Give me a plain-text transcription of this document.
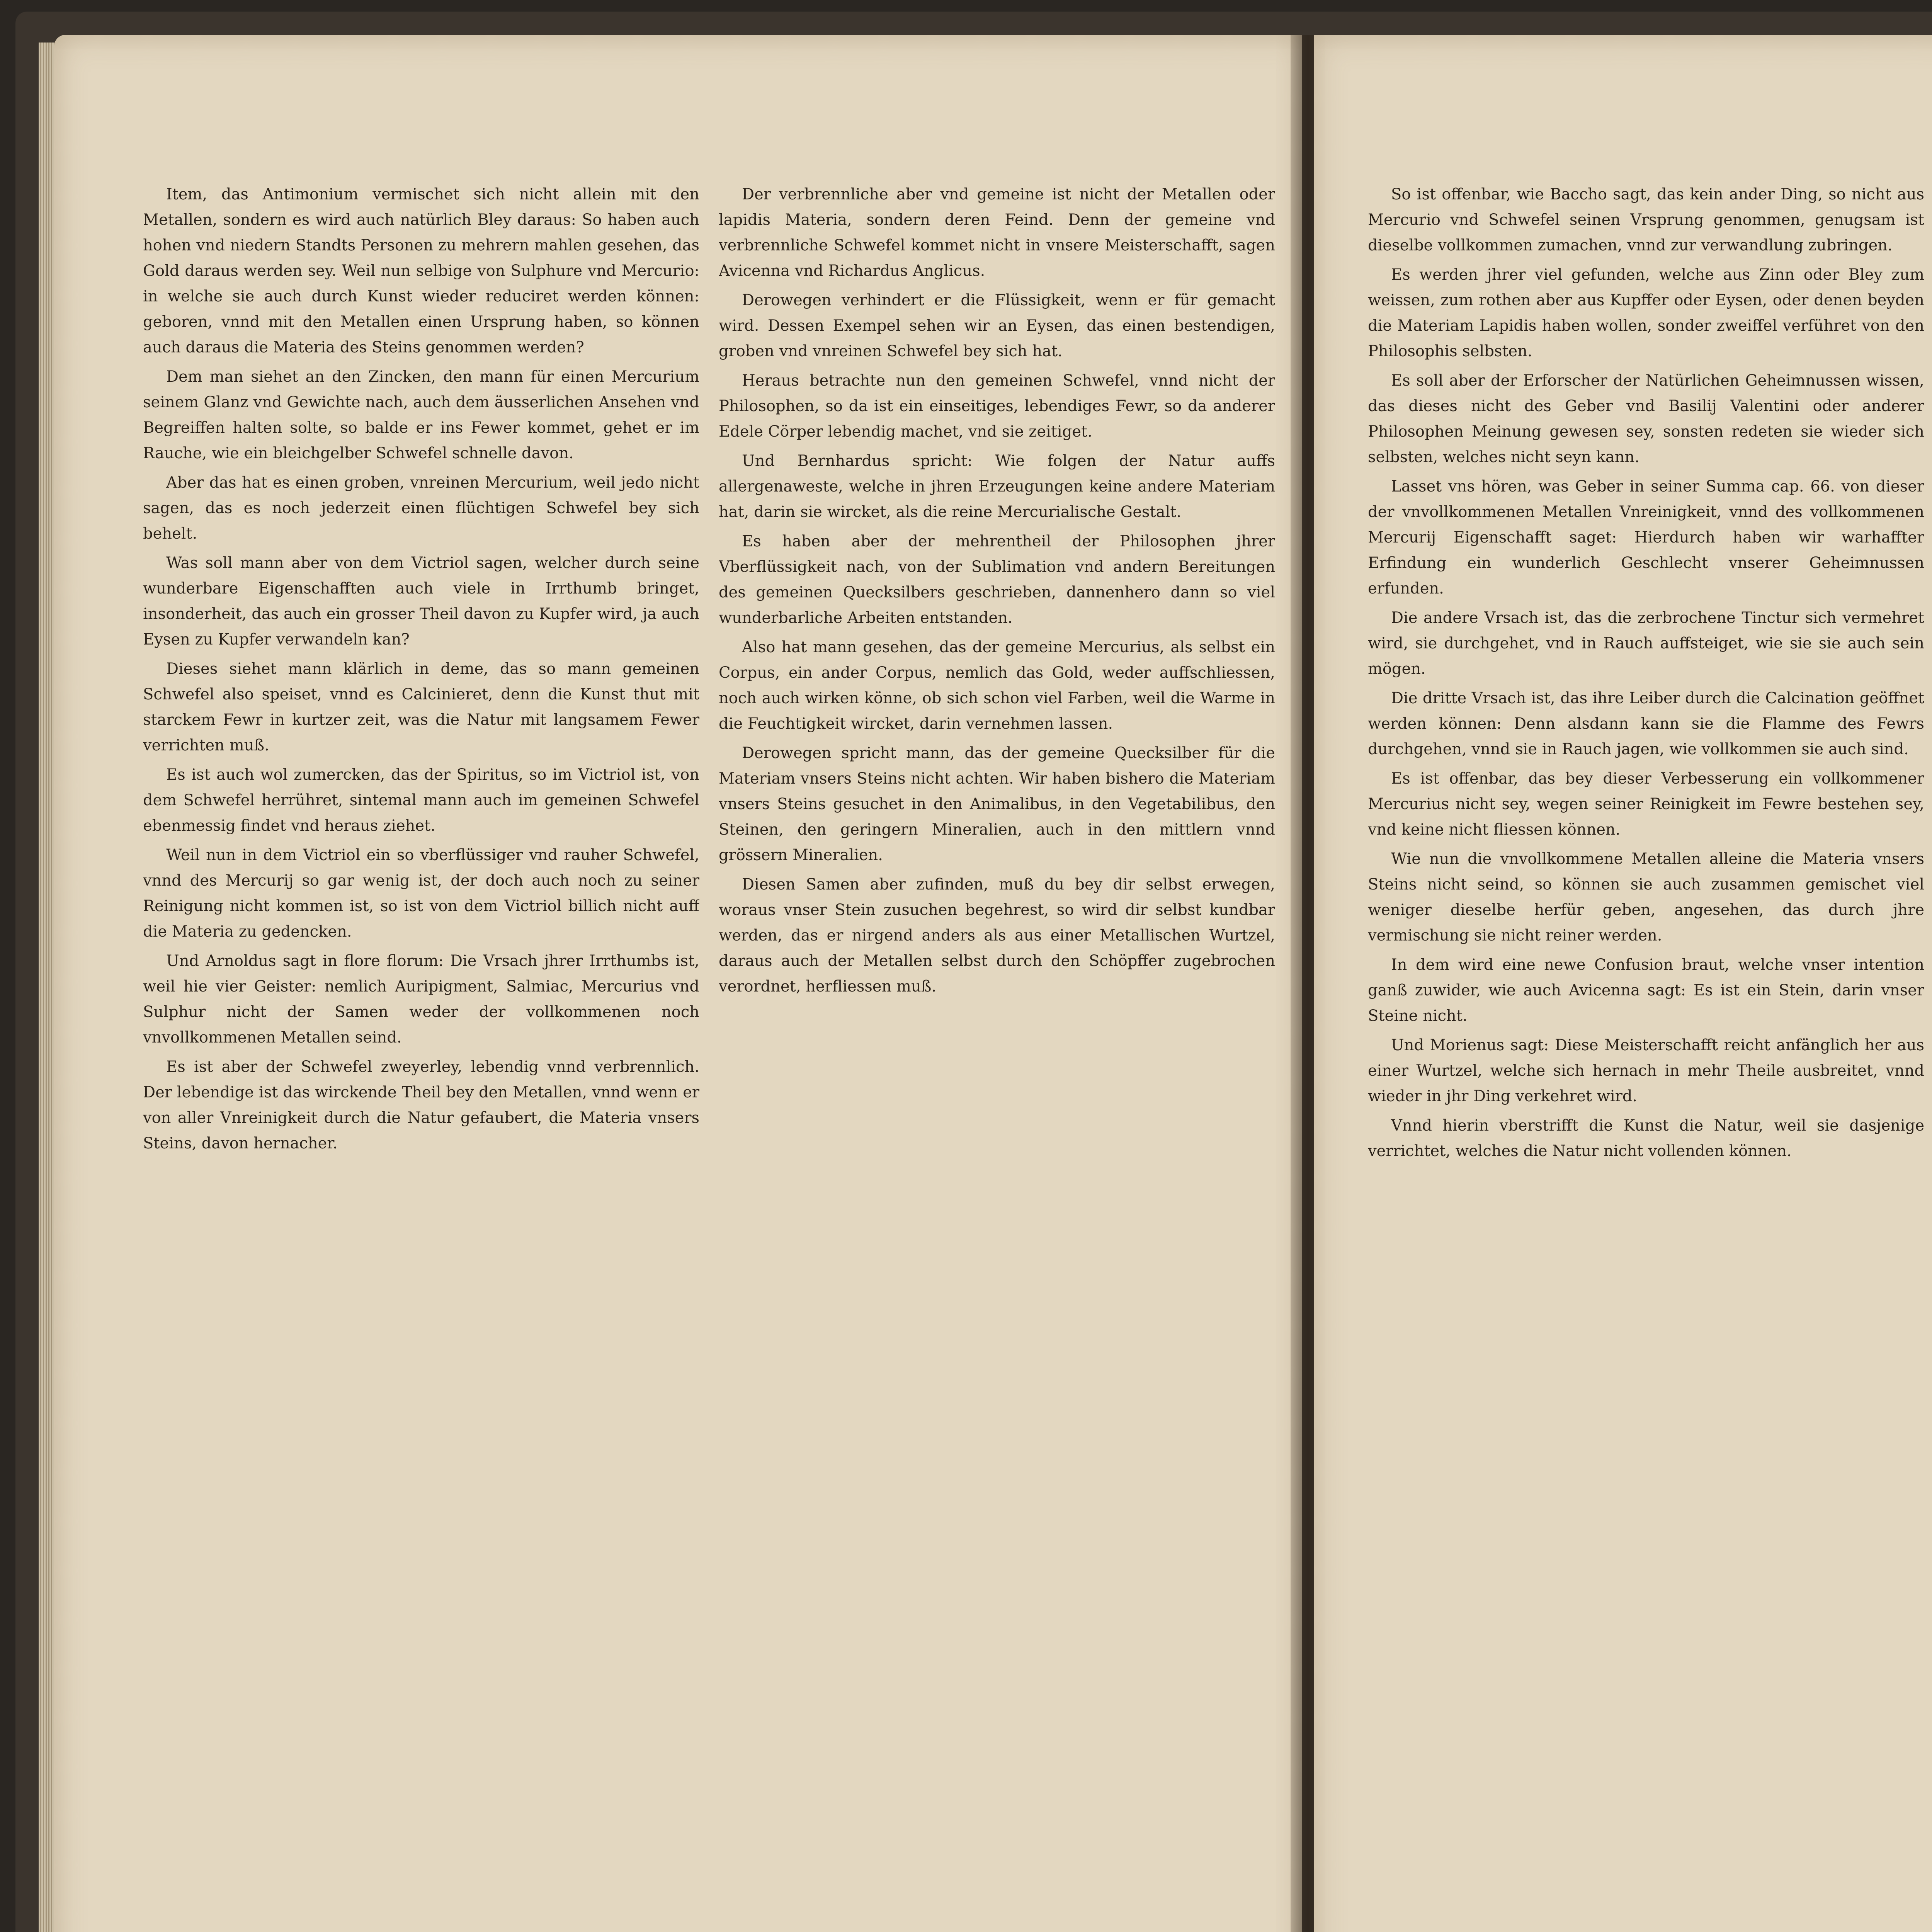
Item, das Antimonium vermischet sich nicht allein mit den Metallen, sondern es wird auch natürlich Bley daraus: So haben auch hohen vnd niedern Standts Personen zu mehrern mahlen gesehen, das Gold daraus werden sey. Weil nun selbige von Sulphure vnd Mercurio: in welche sie auch durch Kunst wieder reduciret werden können: geboren, vnnd mit den Metallen einen Ursprung haben, so können auch daraus die Materia des Steins genommen werden?

Dem man siehet an den Zincken, den mann für einen Mercurium seinem Glanz vnd Gewichte nach, auch dem äusserlichen Ansehen vnd Begreiffen halten solte, so balde er ins Fewer kommet, gehet er im Rauche, wie ein bleichgelber Schwefel schnelle davon.

Aber das hat es einen groben, vnreinen Mercurium, weil jedo nicht sagen, das es noch jederzeit einen flüchtigen Schwefel bey sich behelt.

Was soll mann aber von dem Victriol sagen, welcher durch seine wunderbare Eigenschafften auch viele in Irrthumb bringet, insonderheit, das auch ein grosser Theil davon zu Kupfer wird, ja auch Eysen zu Kupfer verwandeln kan?

Dieses siehet mann klärlich in deme, das so mann gemeinen Schwefel also speiset, vnnd es Calcinieret, denn die Kunst thut mit starckem Fewr in kurtzer zeit, was die Natur mit langsamem Fewer verrichten muß.

Es ist auch wol zumercken, das der Spiritus, so im Victriol ist, von dem Schwefel herrühret, sintemal mann auch im gemeinen Schwefel ebenmessig findet vnd heraus ziehet.

Weil nun in dem Victriol ein so vberflüssiger vnd rauher Schwefel, vnnd des Mercurij so gar wenig ist, der doch auch noch zu seiner Reinigung nicht kommen ist, so ist von dem Victriol billich nicht auff die Materia zu gedencken.

Und Arnoldus sagt in flore florum: Die Vrsach jhrer Irrthumbs ist, weil hie vier Geister: nemlich Auripigment, Salmiac, Mercurius vnd Sulphur nicht der Samen weder der vollkommenen noch vnvollkommenen Metallen seind.

Es ist aber der Schwefel zweyerley, lebendig vnnd verbrennlich. Der lebendige ist das wirckende Theil bey den Metallen, vnnd wenn er von aller Vnreinigkeit durch die Natur gefaubert, die Materia vnsers Steins, davon hernacher.

Der verbrennliche aber vnd gemeine ist nicht der Metallen oder lapidis Materia, sondern deren Feind. Denn der gemeine vnd verbrennliche Schwefel kommet nicht in vnsere Meisterschafft, sagen Avicenna vnd Richardus Anglicus.

Derowegen verhindert er die Flüssigkeit, wenn er für gemacht wird. Dessen Exempel sehen wir an Eysen, das einen bestendigen, groben vnd vnreinen Schwefel bey sich hat.

Heraus betrachte nun den gemeinen Schwefel, vnnd nicht der Philosophen, so da ist ein einseitiges, lebendiges Fewr, so da anderer Edele Cörper lebendig machet, vnd sie zeitiget.

Und Bernhardus spricht: Wie folgen der Natur auffs allergenaweste, welche in jhren Erzeugungen keine andere Materiam hat, darin sie wircket, als die reine Mercurialische Gestalt.

Es haben aber der mehrentheil der Philosophen jhrer Vberflüssigkeit nach, von der Sublimation vnd andern Bereitungen des gemeinen Quecksilbers geschrieben, dannenhero dann so viel wunderbarliche Arbeiten entstanden.

Also hat mann gesehen, das der gemeine Mercurius, als selbst ein Corpus, ein ander Corpus, nemlich das Gold, weder auffschliessen, noch auch wirken könne, ob sich schon viel Farben, weil die Warme in die Feuchtigkeit wircket, darin vernehmen lassen.

Derowegen spricht mann, das der gemeine Quecksilber für die Materiam vnsers Steins nicht achten. Wir haben bishero die Materiam vnsers Steins gesuchet in den Animalibus, in den Vegetabilibus, den Steinen, den geringern Mineralien, auch in den mittlern vnnd grössern Mineralien.

Diesen Samen aber zufinden, muß du bey dir selbst erwegen, woraus vnser Stein zusuchen begehrest, so wird dir selbst kundbar werden, das er nirgend anders als aus einer Metallischen Wurtzel, daraus auch der Metallen selbst durch den Schöpffer zugebrochen verordnet, herfliessen muß.

So ist offenbar, wie Baccho sagt, das kein ander Ding, so nicht aus Mercurio vnd Schwefel seinen Vrsprung genommen, genugsam ist dieselbe vollkommen zumachen, vnnd zur verwandlung zubringen.

Es werden jhrer viel gefunden, welche aus Zinn oder Bley zum weissen, zum rothen aber aus Kupffer oder Eysen, oder denen beyden die Materiam Lapidis haben wollen, sonder zweiffel verführet von den Philosophis selbsten.

Es soll aber der Erforscher der Natürlichen Geheimnussen wissen, das dieses nicht des Geber vnd Basilij Valentini oder anderer Philosophen Meinung gewesen sey, sonsten redeten sie wieder sich selbsten, welches nicht seyn kann.

Lasset vns hören, was Geber in seiner Summa cap. 66. von dieser der vnvollkommenen Metallen Vnreinigkeit, vnnd des vollkommenen Mercurij Eigenschafft saget: Hierdurch haben wir warhaffter Erfindung ein wunderlich Geschlecht vnserer Geheimnussen erfunden.

Die andere Vrsach ist, das die zerbrochene Tinctur sich vermehret wird, sie durchgehet, vnd in Rauch auffsteiget, wie sie sie auch sein mögen.

Die dritte Vrsach ist, das ihre Leiber durch die Calcination geöffnet werden können: Denn alsdann kann sie die Flamme des Fewrs durchgehen, vnnd sie in Rauch jagen, wie vollkommen sie auch sind.

Es ist offenbar, das bey dieser Verbesserung ein vollkommener Mercurius nicht sey, wegen seiner Reinigkeit im Fewre bestehen sey, vnd keine nicht fliessen können.

Wie nun die vnvollkommene Metallen alleine die Materia vnsers Steins nicht seind, so können sie auch zusammen gemischet viel weniger dieselbe herfür geben, angesehen, das durch jhre vermischung sie nicht reiner werden.

In dem wird eine newe Confusion braut, welche vnser intention ganß zuwider, wie auch Avicenna sagt: Es ist ein Stein, darin vnser Steine nicht.

Und Morienus sagt: Diese Meisterschafft reicht anfänglich her aus einer Wurtzel, welche sich hernach in mehr Theile ausbreitet, vnnd wieder in jhr Ding verkehret wird.

Vnnd hierin vberstrifft die Kunst die Natur, weil sie dasjenige verrichtet, welches die Natur nicht vollenden können.
